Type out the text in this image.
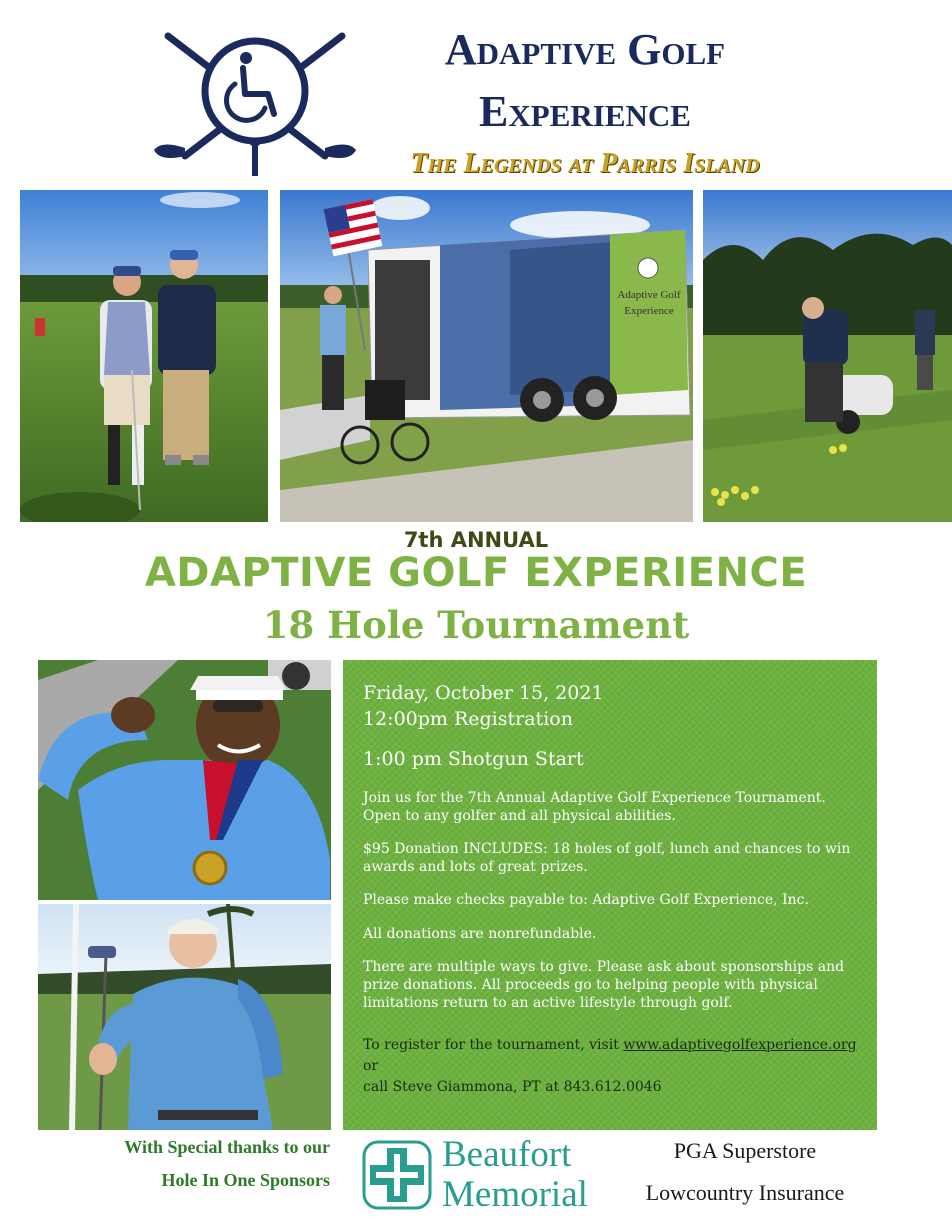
Adaptive Golf
Experience
The Legends at Parris Island
Adaptive Golf
Experience
7th ANNUAL
ADAPTIVE GOLF EXPERIENCE
18 Hole Tournament
Friday, October 15, 2021
12:00pm Registration
1:00 pm Shotgun Start
Join us for the 7th Annual Adaptive Golf Experience Tournament. Open to any golfer and all physical abilities.
$95 Donation INCLUDES: 18 holes of golf, lunch and chances to win awards and lots of great prizes.
Please make checks payable to: Adaptive Golf Experience, Inc.
All donations are nonrefundable.
There are multiple ways to give. Please ask about sponsorships and prize donations. All proceeds go to helping people with physical limitations return to an active lifestyle through golf.
To register for the tournament, visit www.adaptivegolfexperience.org or
call Steve Giammona, PT at 843.612.0046
With Special thanks to our
Hole In One Sponsors
Beaufort
Memorial
PGA Superstore
Lowcountry Insurance
